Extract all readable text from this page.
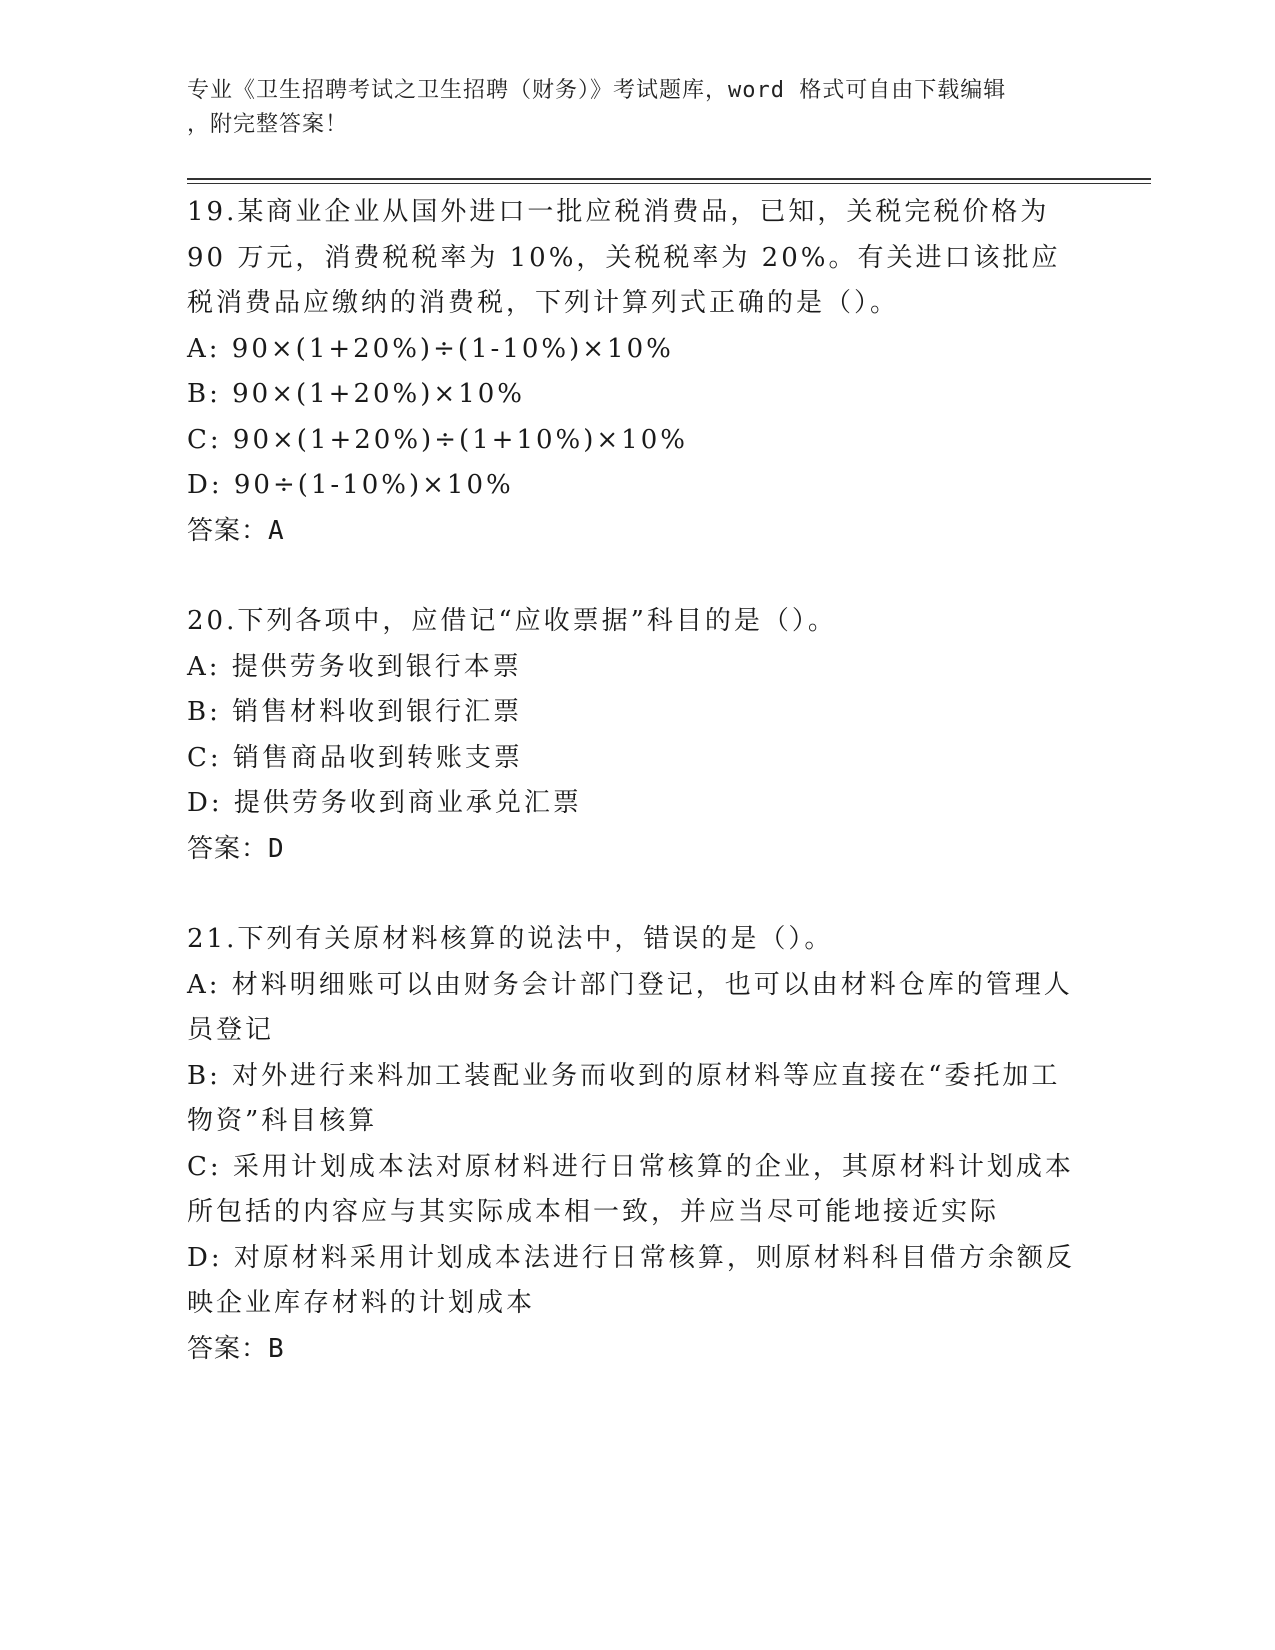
专业《卫生招聘考试之卫生招聘（财务）》考试题库，word 格式可自由下载编辑
，附完整答案！

19.某商业企业从国外进口一批应税消费品，已知，关税完税价格为 90 万元，消费税税率为 10%，关税税率为 20%。有关进口该批应税消费品应缴纳的消费税，下列计算列式正确的是（）。

A: 90×(1+20%)÷(1-10%)×10%

B: 90×(1+20%)×10%

C: 90×(1+20%)÷(1+10%)×10%

D: 90÷(1-10%)×10%

答案：A

20.下列各项中，应借记“应收票据”科目的是（）。

A: 提供劳务收到银行本票

B: 销售材料收到银行汇票

C: 销售商品收到转账支票

D: 提供劳务收到商业承兑汇票

答案：D

21.下列有关原材料核算的说法中，错误的是（）。

A: 材料明细账可以由财务会计部门登记，也可以由材料仓库的管理人员登记

B: 对外进行来料加工装配业务而收到的原材料等应直接在“委托加工物资”科目核算

C: 采用计划成本法对原材料进行日常核算的企业，其原材料计划成本所包括的内容应与其实际成本相一致，并应当尽可能地接近实际

D: 对原材料采用计划成本法进行日常核算，则原材料科目借方余额反映企业库存材料的计划成本

答案：B
